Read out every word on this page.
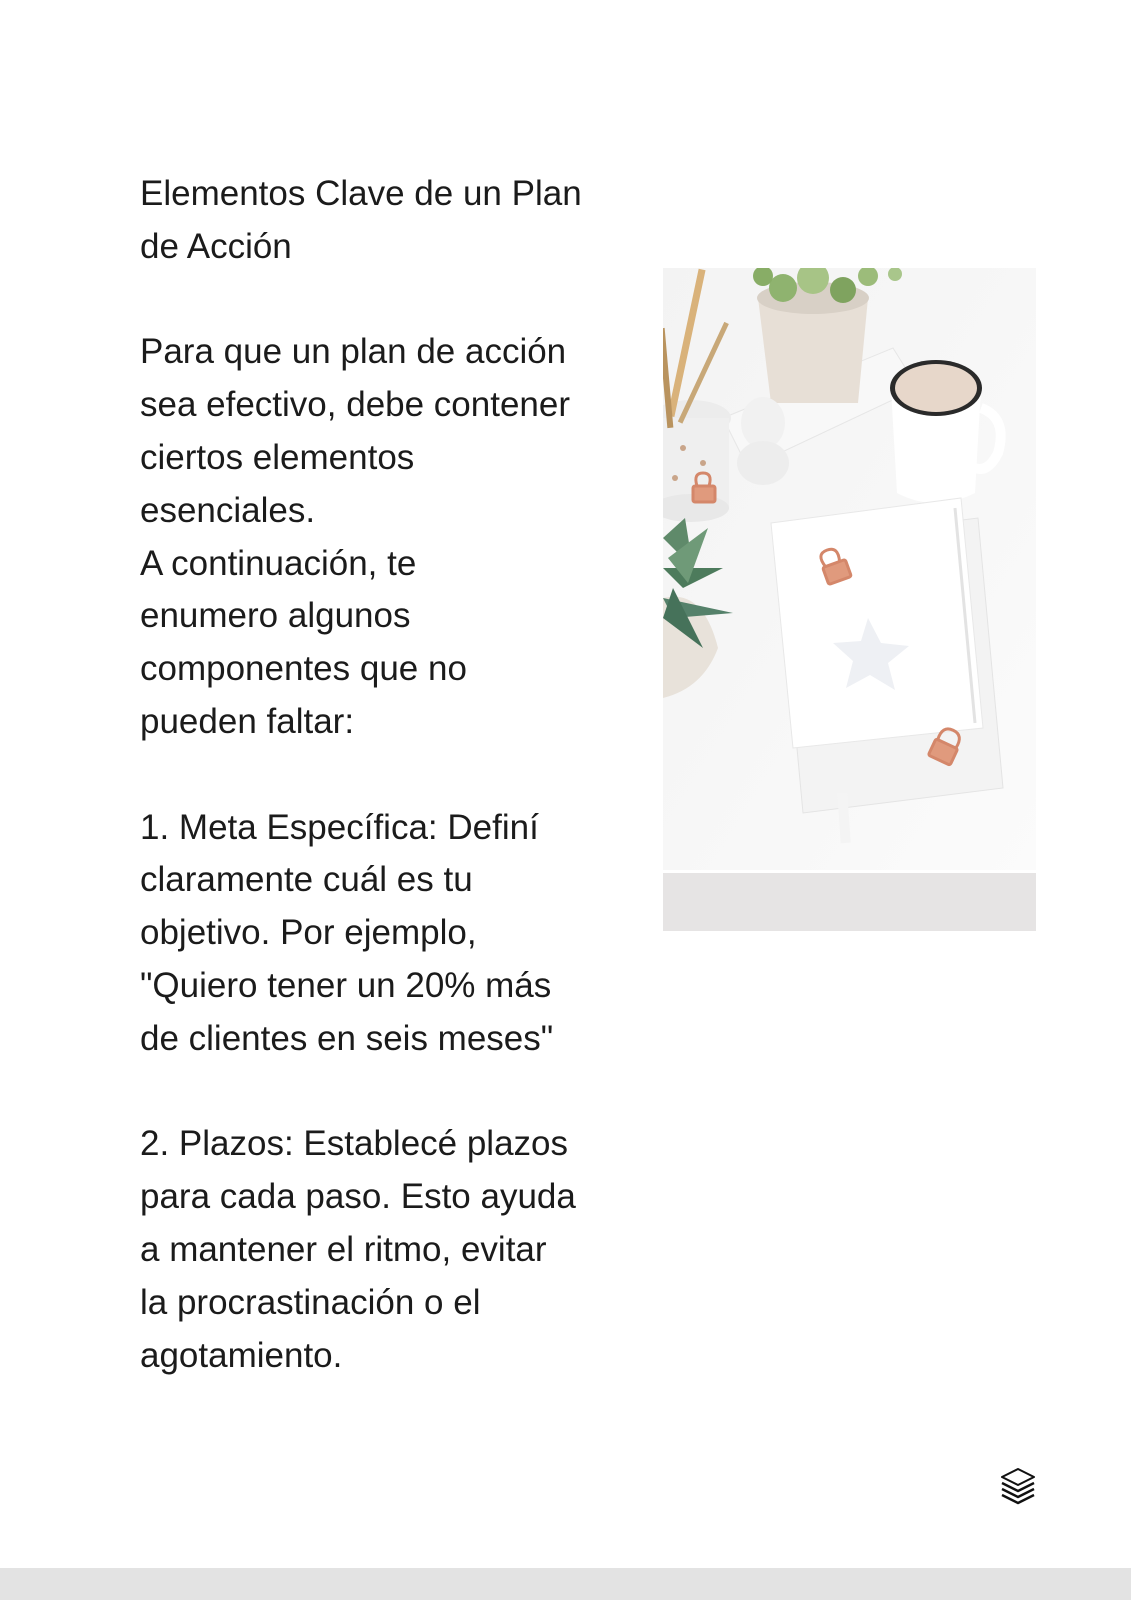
Elementos Clave de un Plan
de Acción

Para que un plan de acción
sea efectivo, debe contener
ciertos elementos
esenciales.
A continuación, te
enumero algunos
componentes que no
pueden faltar:

1. Meta Específica: Definí
claramente cuál es tu
objetivo. Por ejemplo,
"Quiero tener un 20% más
de clientes en seis meses"

2. Plazos: Establecé plazos
para cada paso. Esto ayuda
a mantener el ritmo, evitar
la procrastinación o el
agotamiento.
